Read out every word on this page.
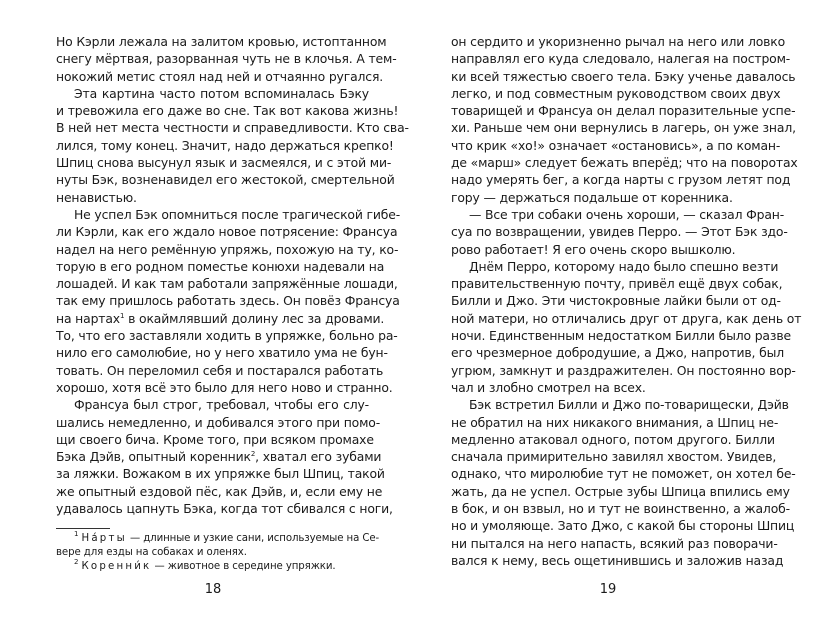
Но Кэрли лежала на залитом кровью, истоптанном
снегу мёртвая, разорванная чуть не в клочья. А тем-
нокожий метис стоял над ней и отчаянно ругался.
Эта картина часто потом вспоминалась Бэку
и тревожила его даже во сне. Так вот какова жизнь!
В ней нет места честности и справедливости. Кто сва-
лился, тому конец. Значит, надо держаться крепко!
Шпиц снова высунул язык и засмеялся, и с этой ми-
нуты Бэк, возненавидел его жестокой, смертельной
ненавистью.
Не успел Бэк опомниться после трагической гибе-
ли Кэрли, как его ждало новое потрясение: Франсуа
надел на него ремённую упряжь, похожую на ту, ко-
торую в его родном поместье конюхи надевали на
лошадей. И как там работали запряжённые лошади,
так ему пришлось работать здесь. Он повёз Франсуа
на нартах$^1$ в окаймлявший долину лес за дровами.
То, что его заставляли ходить в упряжке, больно ра-
нило его самолюбие, но у него хватило ума не бун-
товать. Он переломил себя и постарался работать
хорошо, хотя всё это было для него ново и странно.
Франсуа был строг, требовал, чтобы его слу-
шались немедленно, и добивался этого при помо-
щи своего бича. Кроме того, при всяком промахе
Бэка Дэйв, опытный коренник$^2$, хватал его зубами
за ляжки. Вожаком в их упряжке был Шпиц, такой
же опытный ездовой пёс, как Дэйв, и, если ему не
удавалось цапнуть Бэка, когда тот сбивался с ноги,
$^1$ На́рты — длинные и узкие сани, используемые на Се-
вере для езды на собаках и оленях.
$^2$ Коренни́к — животное в середине упряжки.
18
он сердито и укоризненно рычал на него или ловко
направлял его куда следовало, налегая на постром-
ки всей тяжестью своего тела. Бэку ученье давалось
легко, и под совместным руководством своих двух
товарищей и Франсуа он делал поразительные успе-
хи. Раньше чем они вернулись в лагерь, он уже знал,
что крик «хо!» означает «остановись», а по коман-
де «марш» следует бежать вперёд; что на поворотах
надо умерять бег, а когда нарты с грузом летят под
гору — держаться подальше от коренника.
— Все три собаки очень хороши, — сказал Фран-
суа по возвращении, увидев Перро. — Этот Бэк здо-
рово работает! Я его очень скоро вышколю.
Днём Перро, которому надо было спешно везти
правительственную почту, привёл ещё двух собак,
Билли и Джо. Эти чистокровные лайки были от од-
ной матери, но отличались друг от друга, как день от
ночи. Единственным недостатком Билли было разве
его чрезмерное добродушие, а Джо, напротив, был
угрюм, замкнут и раздражителен. Он постоянно вор-
чал и злобно смотрел на всех.
Бэк встретил Билли и Джо по-товарищески, Дэйв
не обратил на них никакого внимания, а Шпиц не-
медленно атаковал одного, потом другого. Билли
сначала примирительно завилял хвостом. Увидев,
однако, что миролюбие тут не поможет, он хотел бе-
жать, да не успел. Острые зубы Шпица впились ему
в бок, и он взвыл, но и тут не воинственно, а жалоб-
но и умоляюще. Зато Джо, с какой бы стороны Шпиц
ни пытался на него напасть, всякий раз поворачи-
вался к нему, весь ощетинившись и заложив назад
19
